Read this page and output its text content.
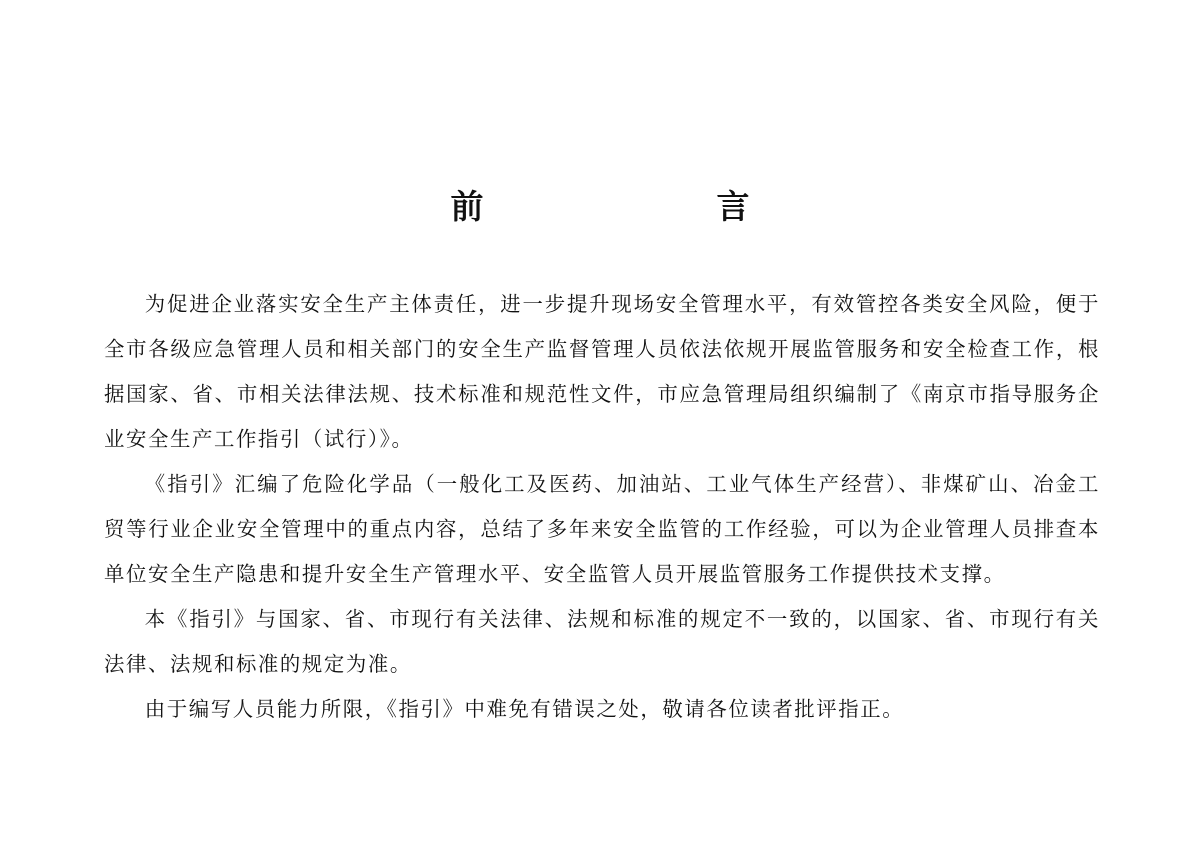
前　言

为促进企业落实安全生产主体责任，进一步提升现场安全管理水平，有效管控各类安全风险，便于全市各级应急管理人员和相关部门的安全生产监督管理人员依法依规开展监管服务和安全检查工作，根据国家、省、市相关法律法规、技术标准和规范性文件，市应急管理局组织编制了《南京市指导服务企业安全生产工作指引（试行）》。

《指引》汇编了危险化学品（一般化工及医药、加油站、工业气体生产经营）、非煤矿山、冶金工贸等行业企业安全管理中的重点内容，总结了多年来安全监管的工作经验，可以为企业管理人员排查本单位安全生产隐患和提升安全生产管理水平、安全监管人员开展监管服务工作提供技术支撑。

本《指引》与国家、省、市现行有关法律、法规和标准的规定不一致的，以国家、省、市现行有关法律、法规和标准的规定为准。

由于编写人员能力所限，《指引》中难免有错误之处，敬请各位读者批评指正。
